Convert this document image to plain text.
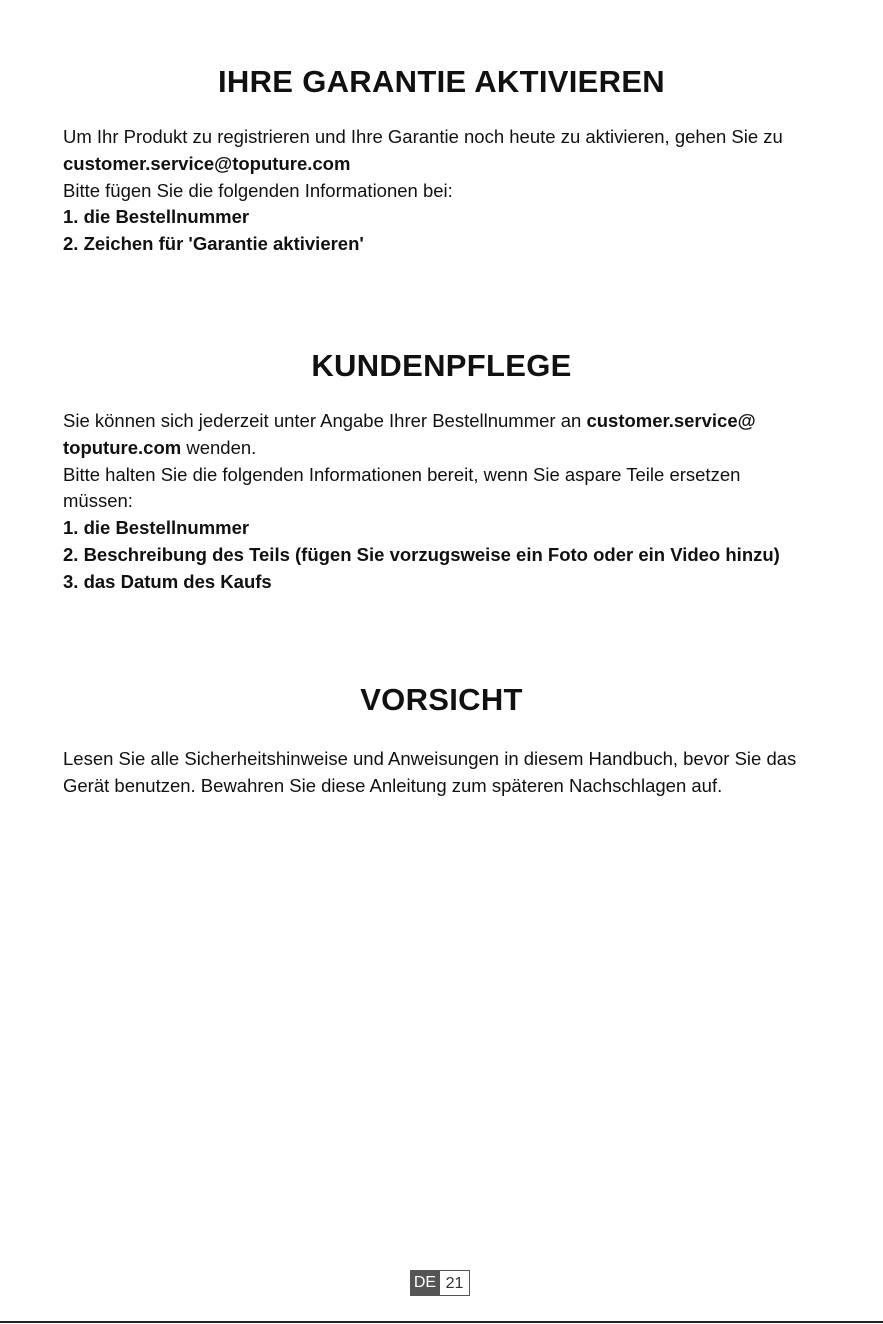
IHRE GARANTIE AKTIVIEREN
Um Ihr Produkt zu registrieren und Ihre Garantie noch heute zu aktivieren, gehen Sie zu
customer.service@toputure.com
Bitte fügen Sie die folgenden Informationen bei:
1. die Bestellnummer
2. Zeichen für 'Garantie aktivieren'
KUNDENPFLEGE
Sie können sich jederzeit unter Angabe Ihrer Bestellnummer an customer.service@
toputure.com wenden.
Bitte halten Sie die folgenden Informationen bereit, wenn Sie aspare Teile ersetzen
müssen:
1. die Bestellnummer
2. Beschreibung des Teils (fügen Sie vorzugsweise ein Foto oder ein Video hinzu)
3. das Datum des Kaufs
VORSICHT
Lesen Sie alle Sicherheitshinweise und Anweisungen in diesem Handbuch, bevor Sie das
Gerät benutzen. Bewahren Sie diese Anleitung zum späteren Nachschlagen auf.
DE 21
